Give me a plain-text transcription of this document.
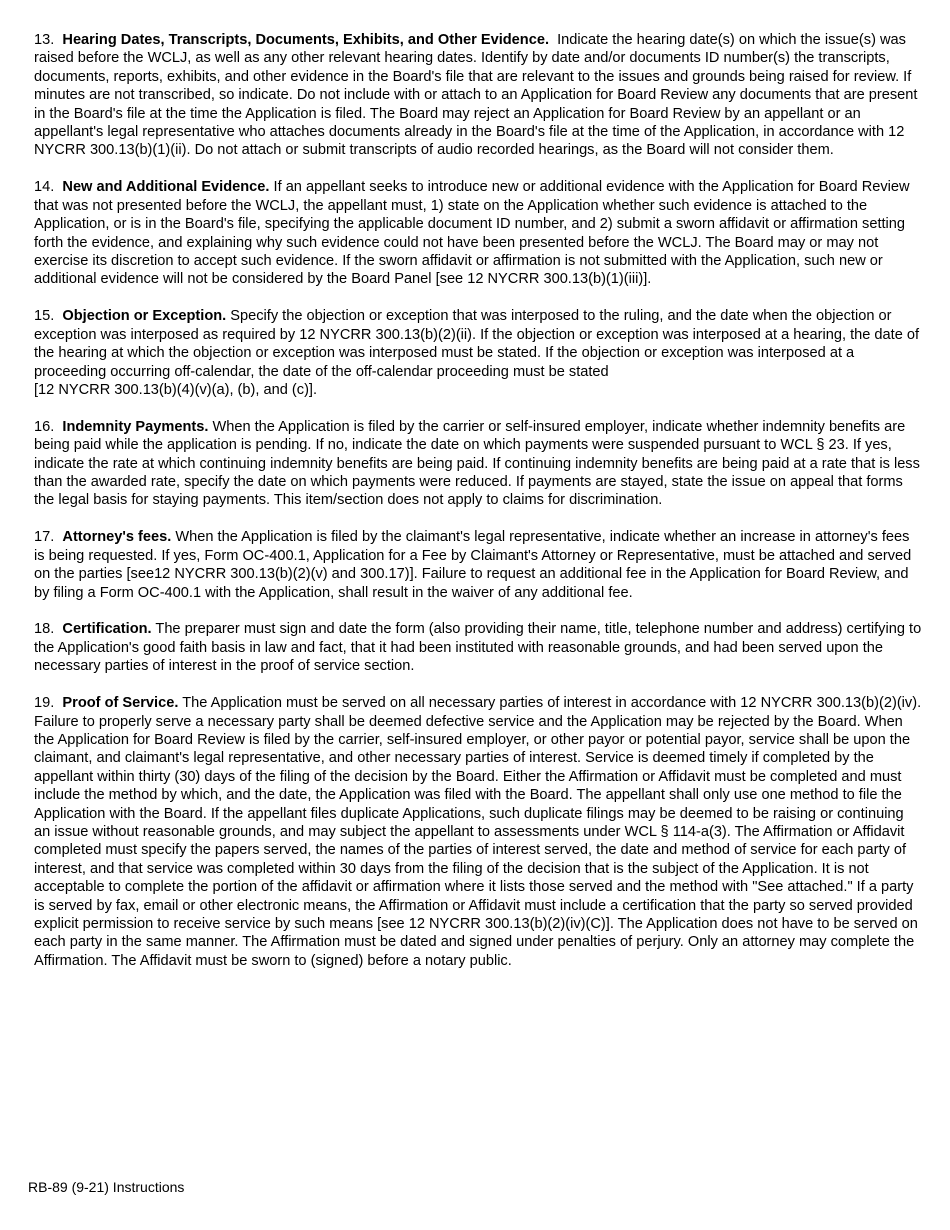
13. Hearing Dates, Transcripts, Documents, Exhibits, and Other Evidence. Indicate the hearing date(s) on which the issue(s) was raised before the WCLJ, as well as any other relevant hearing dates. Identify by date and/or documents ID number(s) the transcripts, documents, reports, exhibits, and other evidence in the Board's file that are relevant to the issues and grounds being raised for review. If minutes are not transcribed, so indicate. Do not include with or attach to an Application for Board Review any documents that are present in the Board's file at the time the Application is filed. The Board may reject an Application for Board Review by an appellant or an appellant's legal representative who attaches documents already in the Board's file at the time of the Application, in accordance with 12 NYCRR 300.13(b)(1)(ii). Do not attach or submit transcripts of audio recorded hearings, as the Board will not consider them.

14. New and Additional Evidence. If an appellant seeks to introduce new or additional evidence with the Application for Board Review that was not presented before the WCLJ, the appellant must, 1) state on the Application whether such evidence is attached to the Application, or is in the Board's file, specifying the applicable document ID number, and 2) submit a sworn affidavit or affirmation setting forth the evidence, and explaining why such evidence could not have been presented before the WCLJ. The Board may or may not exercise its discretion to accept such evidence. If the sworn affidavit or affirmation is not submitted with the Application, such new or additional evidence will not be considered by the Board Panel [see 12 NYCRR 300.13(b)(1)(iii)].

15. Objection or Exception. Specify the objection or exception that was interposed to the ruling, and the date when the objection or exception was interposed as required by 12 NYCRR 300.13(b)(2)(ii). If the objection or exception was interposed at a hearing, the date of the hearing at which the objection or exception was interposed must be stated. If the objection or exception was interposed at a proceeding occurring off-calendar, the date of the off-calendar proceeding must be stated
[12 NYCRR 300.13(b)(4)(v)(a), (b), and (c)].

16. Indemnity Payments. When the Application is filed by the carrier or self-insured employer, indicate whether indemnity benefits are being paid while the application is pending. If no, indicate the date on which payments were suspended pursuant to WCL § 23. If yes, indicate the rate at which continuing indemnity benefits are being paid. If continuing indemnity benefits are being paid at a rate that is less than the awarded rate, specify the date on which payments were reduced. If payments are stayed, state the issue on appeal that forms the legal basis for staying payments. This item/section does not apply to claims for discrimination.

17. Attorney's fees. When the Application is filed by the claimant's legal representative, indicate whether an increase in attorney's fees is being requested. If yes, Form OC-400.1, Application for a Fee by Claimant's Attorney or Representative, must be attached and served on the parties [see12 NYCRR 300.13(b)(2)(v) and 300.17)]. Failure to request an additional fee in the Application for Board Review, and by filing a Form OC-400.1 with the Application, shall result in the waiver of any additional fee.

18. Certification. The preparer must sign and date the form (also providing their name, title, telephone number and address) certifying to the Application's good faith basis in law and fact, that it had been instituted with reasonable grounds, and had been served upon the necessary parties of interest in the proof of service section.

19. Proof of Service. The Application must be served on all necessary parties of interest in accordance with 12 NYCRR 300.13(b)(2)(iv). Failure to properly serve a necessary party shall be deemed defective service and the Application may be rejected by the Board. When the Application for Board Review is filed by the carrier, self-insured employer, or other payor or potential payor, service shall be upon the claimant, and claimant's legal representative, and other necessary parties of interest. Service is deemed timely if completed by the appellant within thirty (30) days of the filing of the decision by the Board. Either the Affirmation or Affidavit must be completed and must include the method by which, and the date, the Application was filed with the Board. The appellant shall only use one method to file the Application with the Board. If the appellant files duplicate Applications, such duplicate filings may be deemed to be raising or continuing an issue without reasonable grounds, and may subject the appellant to assessments under WCL § 114-a(3). The Affirmation or Affidavit completed must specify the papers served, the names of the parties of interest served, the date and method of service for each party of interest, and that service was completed within 30 days from the filing of the decision that is the subject of the Application. It is not acceptable to complete the portion of the affidavit or affirmation where it lists those served and the method with "See attached." If a party is served by fax, email or other electronic means, the Affirmation or Affidavit must include a certification that the party so served provided explicit permission to receive service by such means [see 12 NYCRR 300.13(b)(2)(iv)(C)]. The Application does not have to be served on each party in the same manner. The Affirmation must be dated and signed under penalties of perjury. Only an attorney may complete the Affirmation. The Affidavit must be sworn to (signed) before a notary public.

RB-89 (9-21) Instructions
